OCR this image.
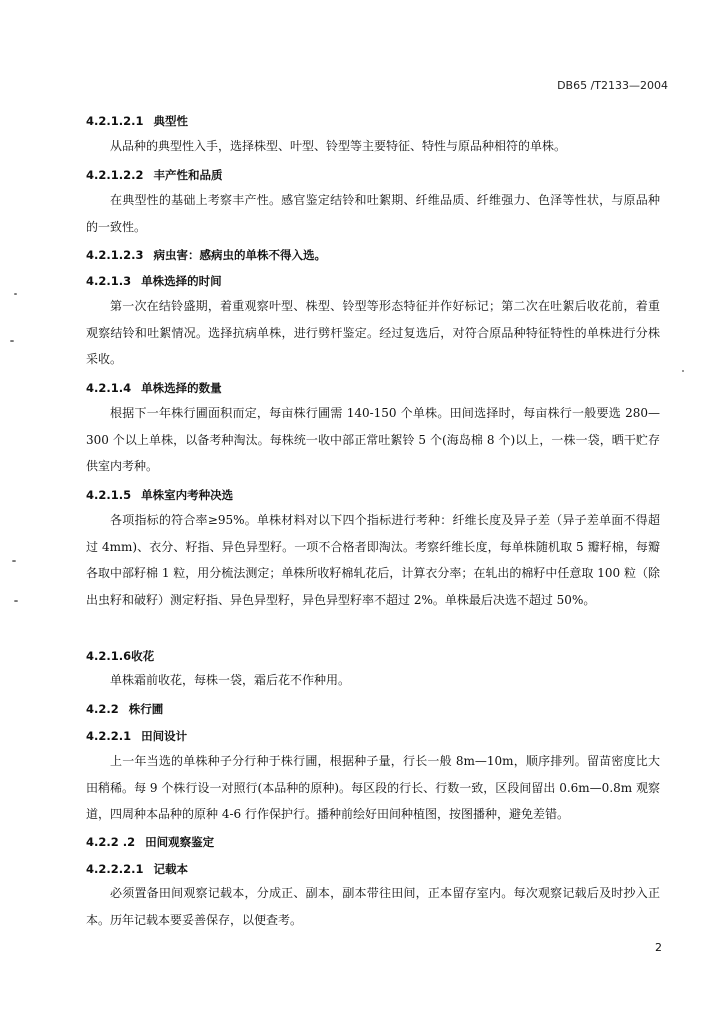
DB65 /T2133—2004
4.2.1.2.1 典型性
从品种的典型性入手，选择株型、叶型、铃型等主要特征、特性与原品种相符的单株。
4.2.1.2.2 丰产性和品质
在典型性的基础上考察丰产性。感官鉴定结铃和吐絮期、纤维品质、纤维强力、色泽等性状，与原品种的一致性。
4.2.1.2.3 病虫害：感病虫的单株不得入选。
4.2.1.3 单株选择的时间
第一次在结铃盛期，着重观察叶型、株型、铃型等形态特征并作好标记；第二次在吐絮后收花前，着重观察结铃和吐絮情况。选择抗病单株，进行劈杆鉴定。经过复选后，对符合原品种特征特性的单株进行分株采收。
4.2.1.4 单株选择的数量
根据下一年株行圃面积而定，每亩株行圃需 140-150 个单株。田间选择时，每亩株行一般要选 280—300 个以上单株，以备考种淘汰。每株统一收中部正常吐絮铃 5 个(海岛棉 8 个)以上，一株一袋，晒干贮存供室内考种。
4.2.1.5 单株室内考种决选
各项指标的符合率≥95%。单株材料对以下四个指标进行考种：纤维长度及异子差（异子差单面不得超过 4mm)、衣分、籽指、异色异型籽。一项不合格者即淘汰。考察纤维长度，每单株随机取 5 瓣籽棉，每瓣各取中部籽棉 1 粒，用分梳法测定；单株所收籽棉轧花后，计算衣分率；在轧出的棉籽中任意取 100 粒（除出虫籽和破籽）测定籽指、异色异型籽，异色异型籽率不超过 2%。单株最后决选不超过 50%。
4.2.1.6收花
单株霜前收花，每株一袋，霜后花不作种用。
4.2.2 株行圃
4.2.2.1 田间设计
上一年当选的单株种子分行种于株行圃，根据种子量，行长一般 8m—10m，顺序排列。留苗密度比大田稍稀。每 9 个株行设一对照行(本品种的原种)。每区段的行长、行数一致，区段间留出 0.6m—0.8m 观察道，四周种本品种的原种 4-6 行作保护行。播种前绘好田间种植图，按图播种，避免差错。
4.2.2 .2 田间观察鉴定
4.2.2.2.1 记载本
必须置备田间观察记载本，分成正、副本，副本带往田间，正本留存室内。每次观察记载后及时抄入正本。历年记载本要妥善保存，以便查考。
2
